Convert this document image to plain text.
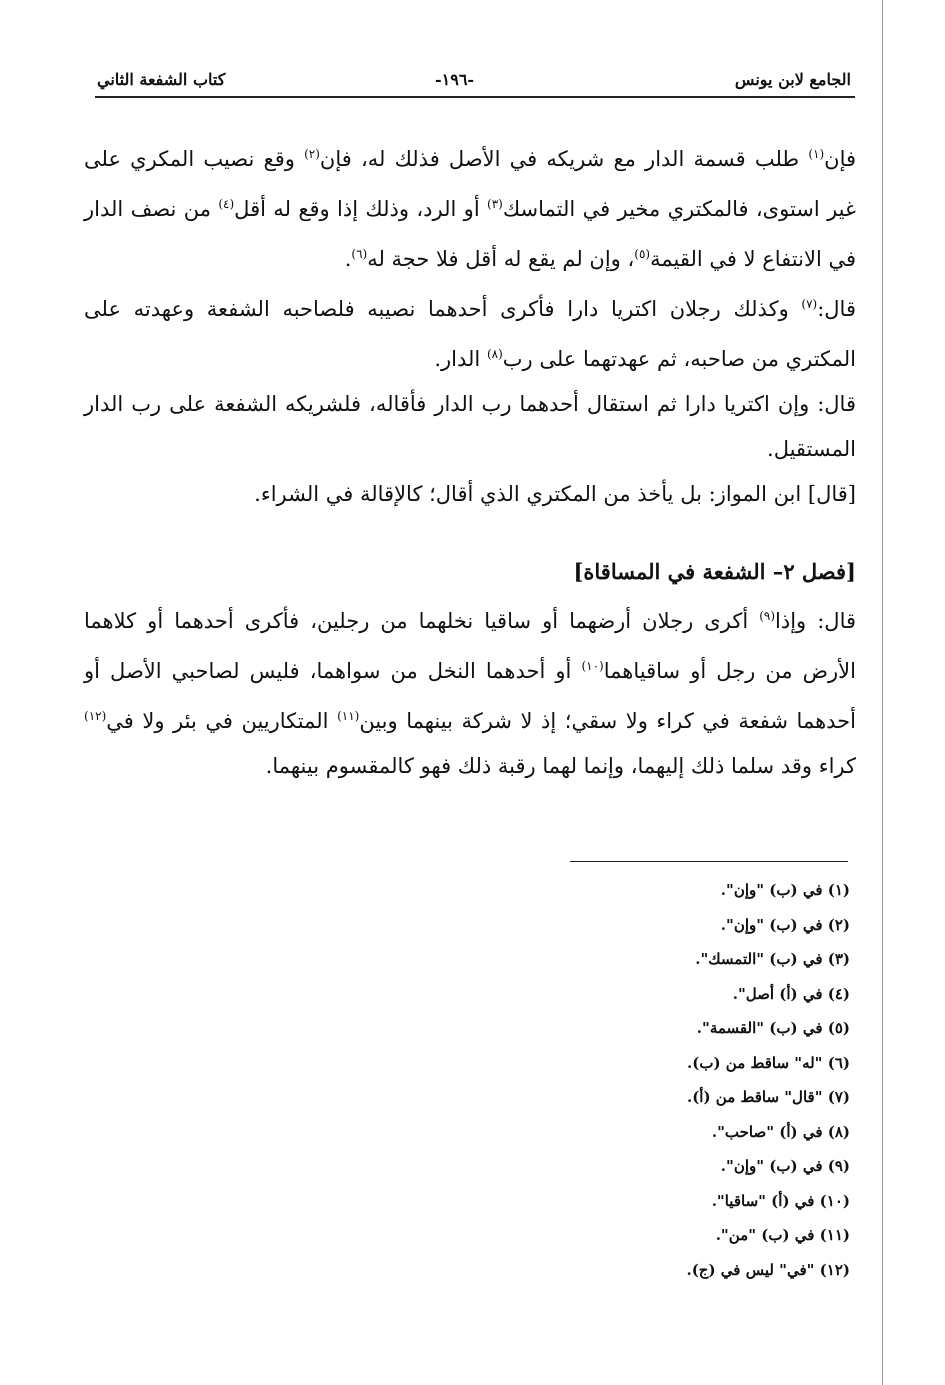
الجامع لابن يونس
-١٩٦-
كتاب الشفعة الثاني

فإن$^{(١)}$ طلب قسمة الدار مع شريكه في الأصل فذلك له، فإن$^{(٢)}$ وقع نصيب المكري على غير استوى، فالمكتري مخير في التماسك$^{(٣)}$ أو الرد، وذلك إذا وقع له أقل$^{(٤)}$ من نصف الدار في الانتفاع لا في القيمة$^{(٥)}$، وإن لم يقع له أقل فلا حجة له$^{(٦)}$.

قال:$^{(٧)}$ وكذلك رجلان اكتريا دارا فأكرى أحدهما نصيبه فلصاحبه الشفعة وعهدته على المكتري من صاحبه، ثم عهدتهما على رب$^{(٨)}$ الدار.

قال: وإن اكتريا دارا ثم استقال أحدهما رب الدار فأقاله، فلشريكه الشفعة على رب الدار المستقيل.

[قال] ابن المواز: بل يأخذ من المكتري الذي أقال؛ كالإقالة في الشراء.

[فصل ٢– الشفعة في المساقاة]

قال: وإذا$^{(٩)}$ أكرى رجلان أرضهما أو ساقيا نخلهما من رجلين، فأكرى أحدهما أو كلاهما الأرض من رجل أو ساقياهما$^{(١٠)}$ أو أحدهما النخل من سواهما، فليس لصاحبي الأصل أو أحدهما شفعة في كراء ولا سقي؛ إذ لا شركة بينهما وبين$^{(١١)}$ المتكاريين في بئر ولا في$^{(١٢)}$ كراء وقد سلما ذلك إليهما، وإنما لهما رقبة ذلك فهو كالمقسوم بينهما.

(١) في (ب) "وإن".
(٢) في (ب) "وإن".
(٣) في (ب) "التمسك".
(٤) في (أ) أصل".
(٥) في (ب) "القسمة".
(٦) "له" ساقط من (ب).
(٧) "قال" ساقط من (أ).
(٨) في (أ) "صاحب".
(٩) في (ب) "وإن".
(١٠) في (أ) "ساقيا".
(١١) في (ب) "من".
(١٢) "في" ليس في (ج).
